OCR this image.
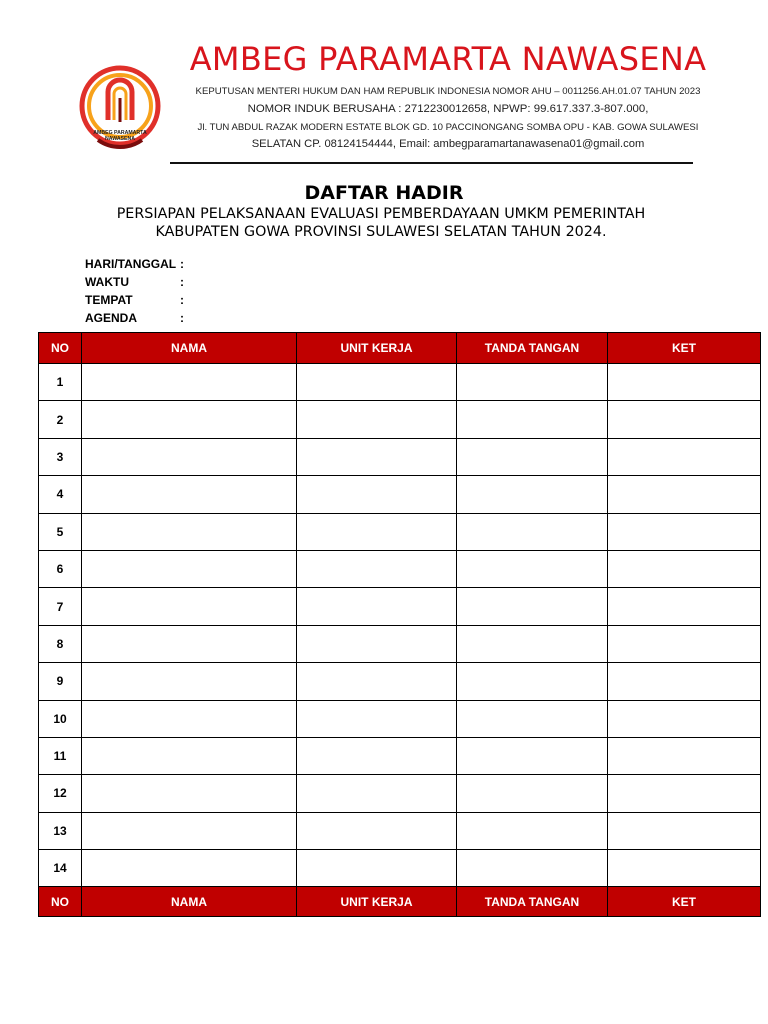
AMBEG PARAMARTA
NAWASENA
AMBEG PARAMARTA NAWASENA
KEPUTUSAN MENTERI HUKUM DAN HAM REPUBLIK INDONESIA NOMOR AHU – 0011256.AH.01.07 TAHUN 2023
NOMOR INDUK BERUSAHA : 2712230012658, NPWP: 99.617.337.3-807.000,
Jl. TUN ABDUL RAZAK MODERN ESTATE BLOK GD. 10 PACCINONGANG SOMBA OPU - KAB. GOWA SULAWESI
SELATAN CP. 08124154444, Email: ambegparamartanawasena01@gmail.com
DAFTAR HADIR
PERSIAPAN PELAKSANAAN EVALUASI PEMBERDAYAAN UMKM PEMERINTAH
KABUPATEN GOWA PROVINSI SULAWESI SELATAN TAHUN 2024.
HARI/TANGGAL :
WAKTU	:
TEMPAT	:
AGENDA	:
NO	NAMA	UNIT KERJA	TANDA TANGAN	KET
1				
2				
3				
4				
5				
6				
7				
8				
9				
10				
11				
12				
13				
14				
NO	NAMA	UNIT KERJA	TANDA TANGAN	KET
